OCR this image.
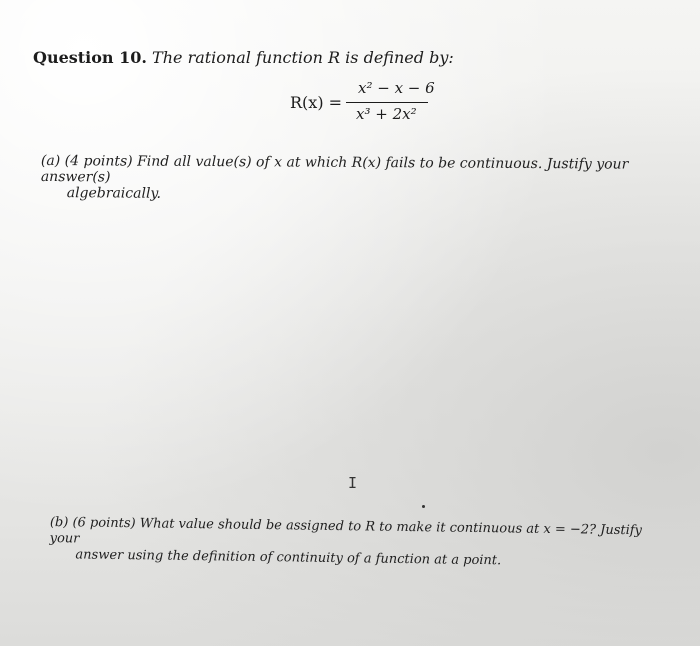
Question 10. The rational function R is defined by:
R(x) =
x² − x − 6
x³ + 2x²
(a) (4 points) Find all value(s) of x at which R(x) fails to be continuous. Justify your answer(s)
algebraically.
I
(b) (6 points) What value should be assigned to R to make it continuous at x = −2? Justify your
answer using the definition of continuity of a function at a point.
